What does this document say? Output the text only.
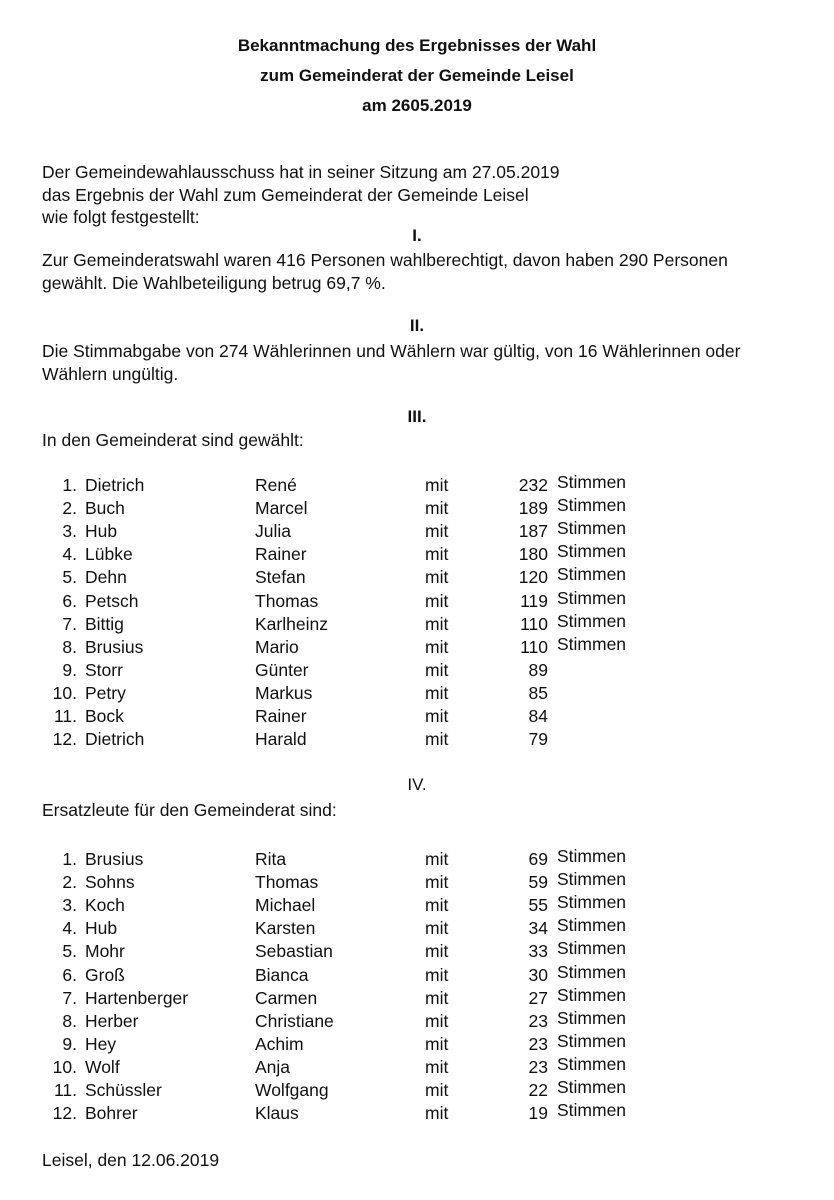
Bekanntmachung des Ergebnisses der Wahl
zum Gemeinderat der Gemeinde Leisel
am 2605.2019
Der Gemeindewahlausschuss hat in seiner Sitzung am 27.05.2019
das Ergebnis der Wahl zum Gemeinderat der Gemeinde Leisel
wie folgt festgestellt:
I.
Zur Gemeinderatswahl waren 416 Personen wahlberechtigt, davon haben 290 Personen
gewählt. Die Wahlbeteiligung betrug 69,7 %.
II.
Die Stimmabgabe von 274 Wählerinnen und Wählern war gültig, von 16 Wählerinnen oder
Wählern ungültig.
III.
In den Gemeinderat sind gewählt:
1. Dietrich	René	mit	232 Stimmen
2. Buch	Marcel	mit	189 Stimmen
3. Hub	Julia	mit	187 Stimmen
4. Lübke	Rainer	mit	180 Stimmen
5. Dehn	Stefan	mit	120 Stimmen
6. Petsch	Thomas	mit	119 Stimmen
7. Bittig	Karlheinz	mit	110 Stimmen
8. Brusius	Mario	mit	110 Stimmen
9. Storr	Günter	mit	89
10. Petry	Markus	mit	85
11. Bock	Rainer	mit	84
12. Dietrich	Harald	mit	79
IV.
Ersatzleute für den Gemeinderat sind:
1. Brusius	Rita	mit	69 Stimmen
2. Sohns	Thomas	mit	59 Stimmen
3. Koch	Michael	mit	55 Stimmen
4. Hub	Karsten	mit	34 Stimmen
5. Mohr	Sebastian	mit	33 Stimmen
6. Groß	Bianca	mit	30 Stimmen
7. Hartenberger	Carmen	mit	27 Stimmen
8. Herber	Christiane	mit	23 Stimmen
9. Hey	Achim	mit	23 Stimmen
10. Wolf	Anja	mit	23 Stimmen
11. Schüssler	Wolfgang	mit	22 Stimmen
12. Bohrer	Klaus	mit	19 Stimmen
Leisel, den 12.06.2019
